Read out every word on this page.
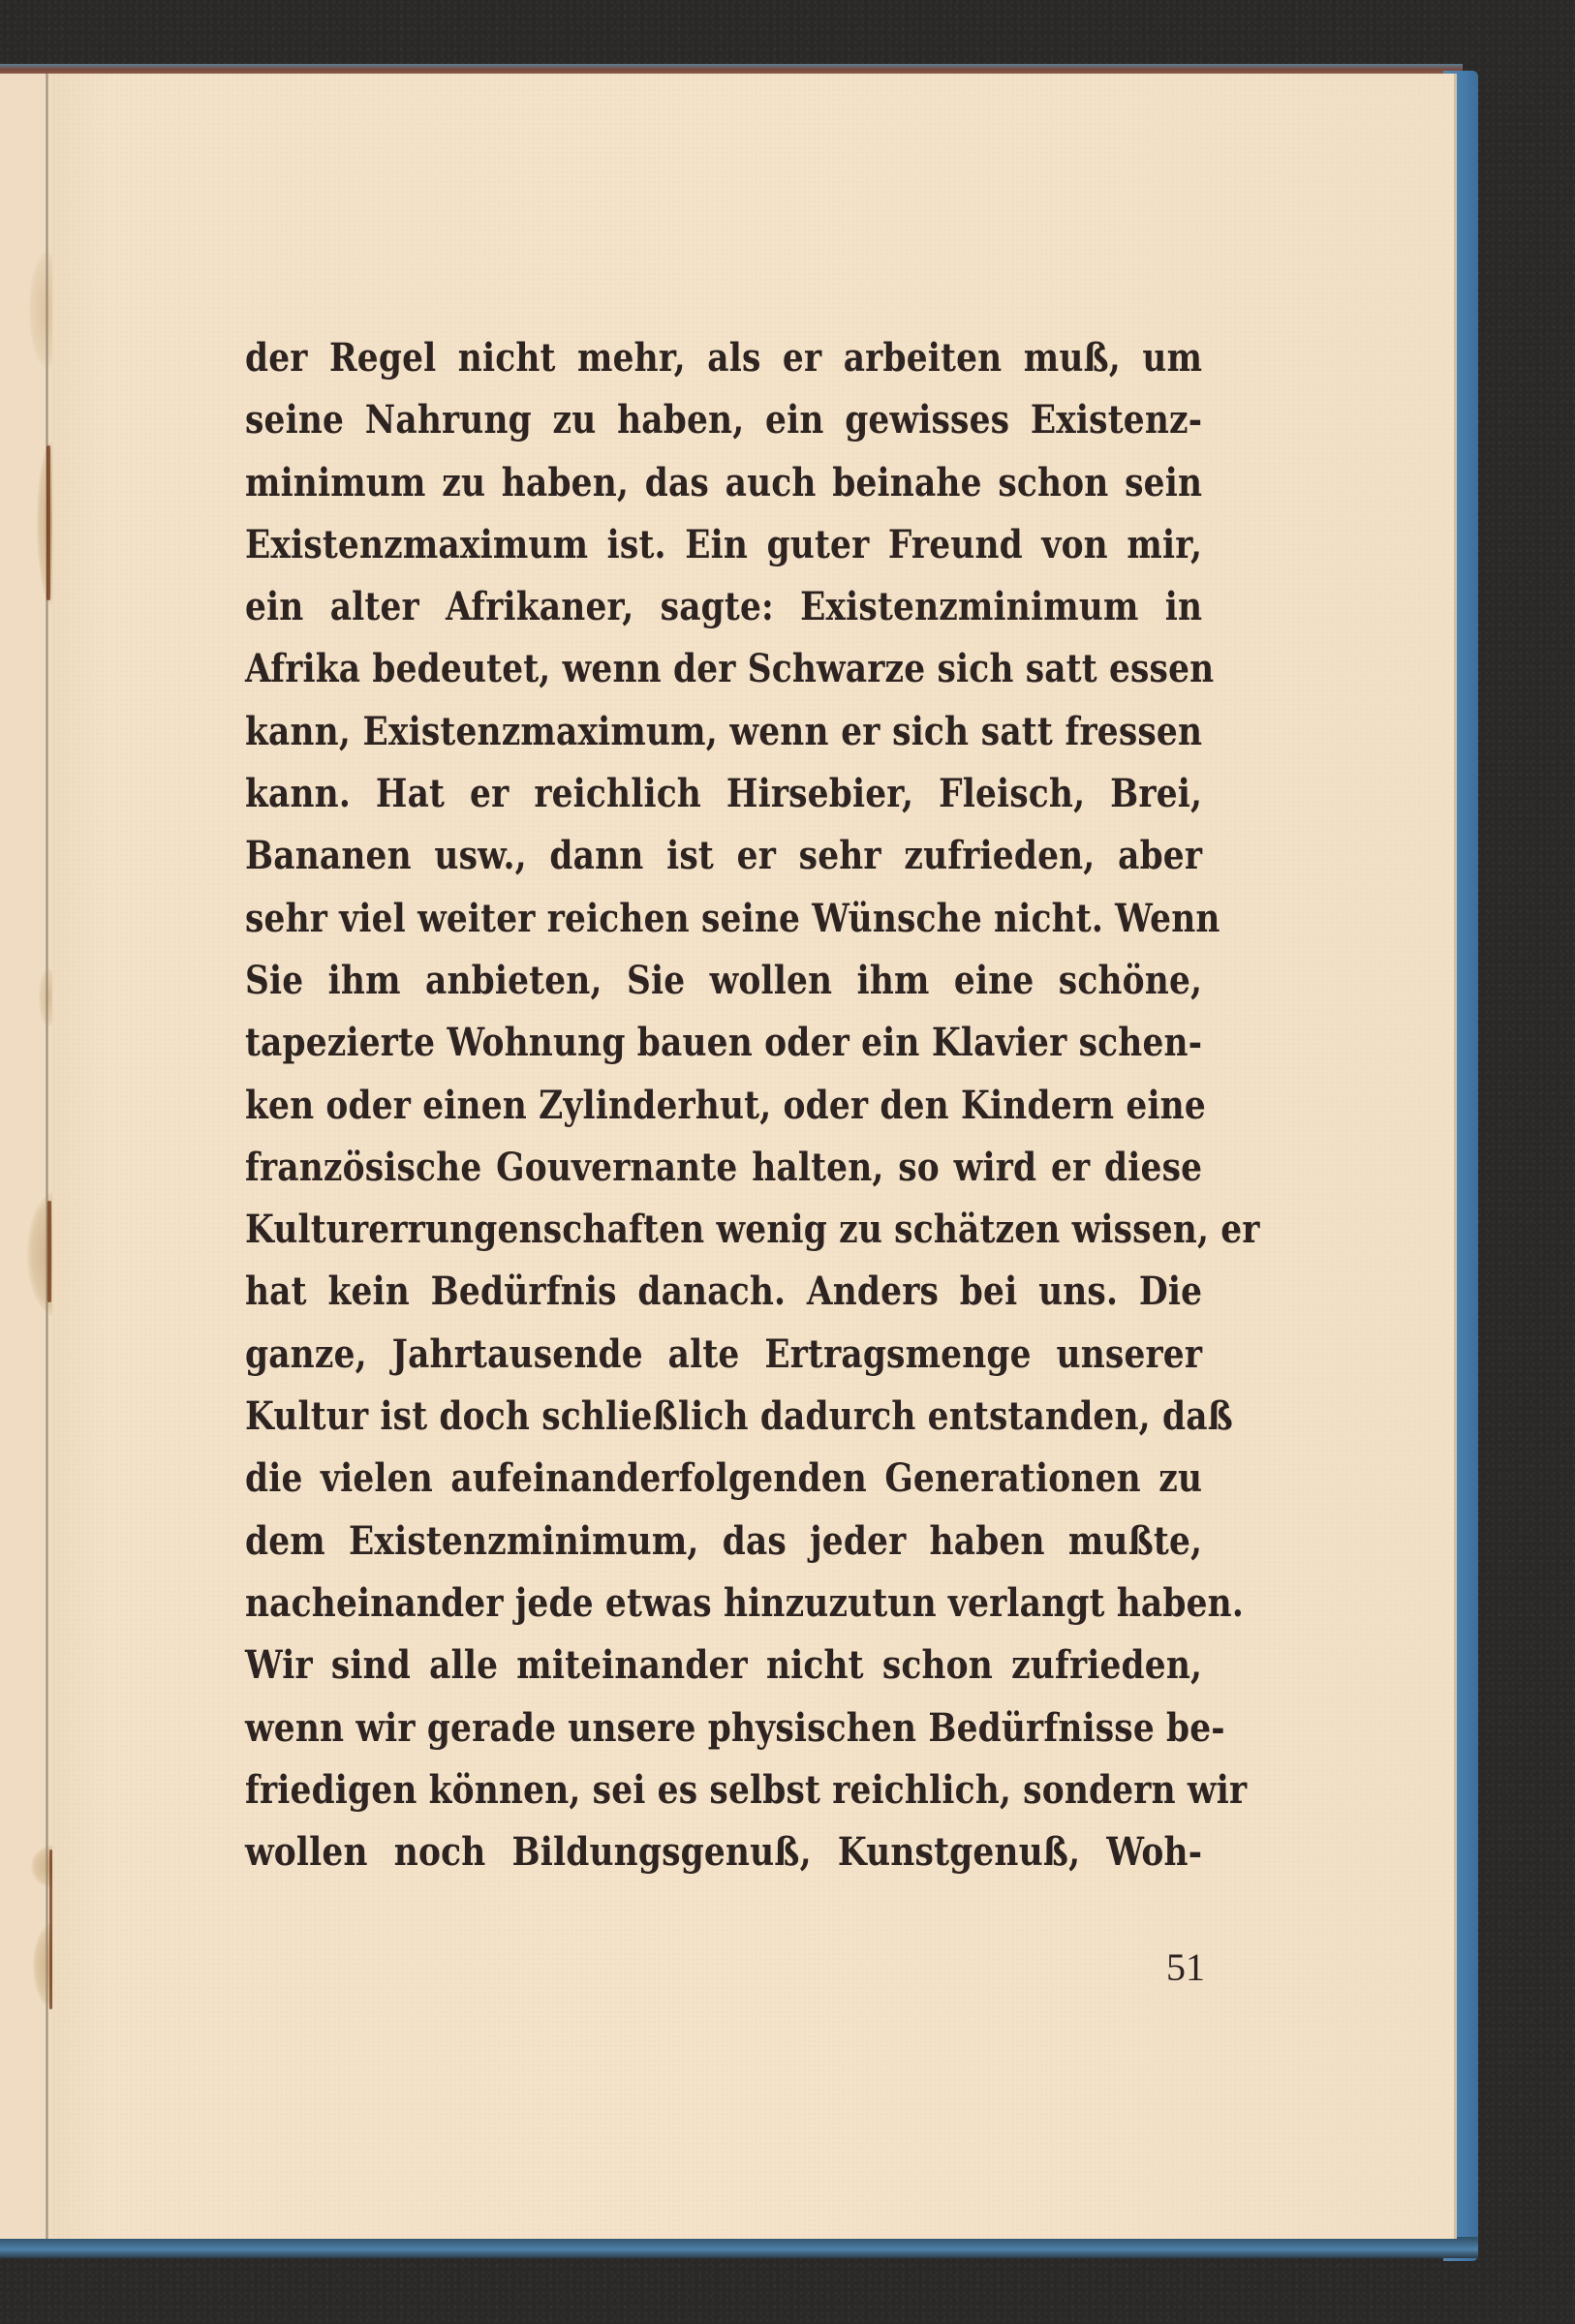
der Regel nicht mehr, als er arbeiten muß, um
seine Nahrung zu haben, ein gewisses Existenz-
minimum zu haben, das auch beinahe schon sein
Existenzmaximum ist. Ein guter Freund von mir,
ein alter Afrikaner, sagte: Existenzminimum in
Afrika bedeutet, wenn der Schwarze sich satt essen
kann, Existenzmaximum, wenn er sich satt fressen
kann. Hat er reichlich Hirsebier, Fleisch, Brei,
Bananen usw., dann ist er sehr zufrieden, aber
sehr viel weiter reichen seine Wünsche nicht. Wenn
Sie ihm anbieten, Sie wollen ihm eine schöne,
tapezierte Wohnung bauen oder ein Klavier schen-
ken oder einen Zylinderhut, oder den Kindern eine
französische Gouvernante halten, so wird er diese
Kulturerrungenschaften wenig zu schätzen wissen, er
hat kein Bedürfnis danach. Anders bei uns. Die
ganze, Jahrtausende alte Ertragsmenge unserer
Kultur ist doch schließlich dadurch entstanden, daß
die vielen aufeinanderfolgenden Generationen zu
dem Existenzminimum, das jeder haben mußte,
nacheinander jede etwas hinzuzutun verlangt haben.
Wir sind alle miteinander nicht schon zufrieden,
wenn wir gerade unsere physischen Bedürfnisse be-
friedigen können, sei es selbst reichlich, sondern wir
wollen noch Bildungsgenuß, Kunstgenuß, Woh-
51
